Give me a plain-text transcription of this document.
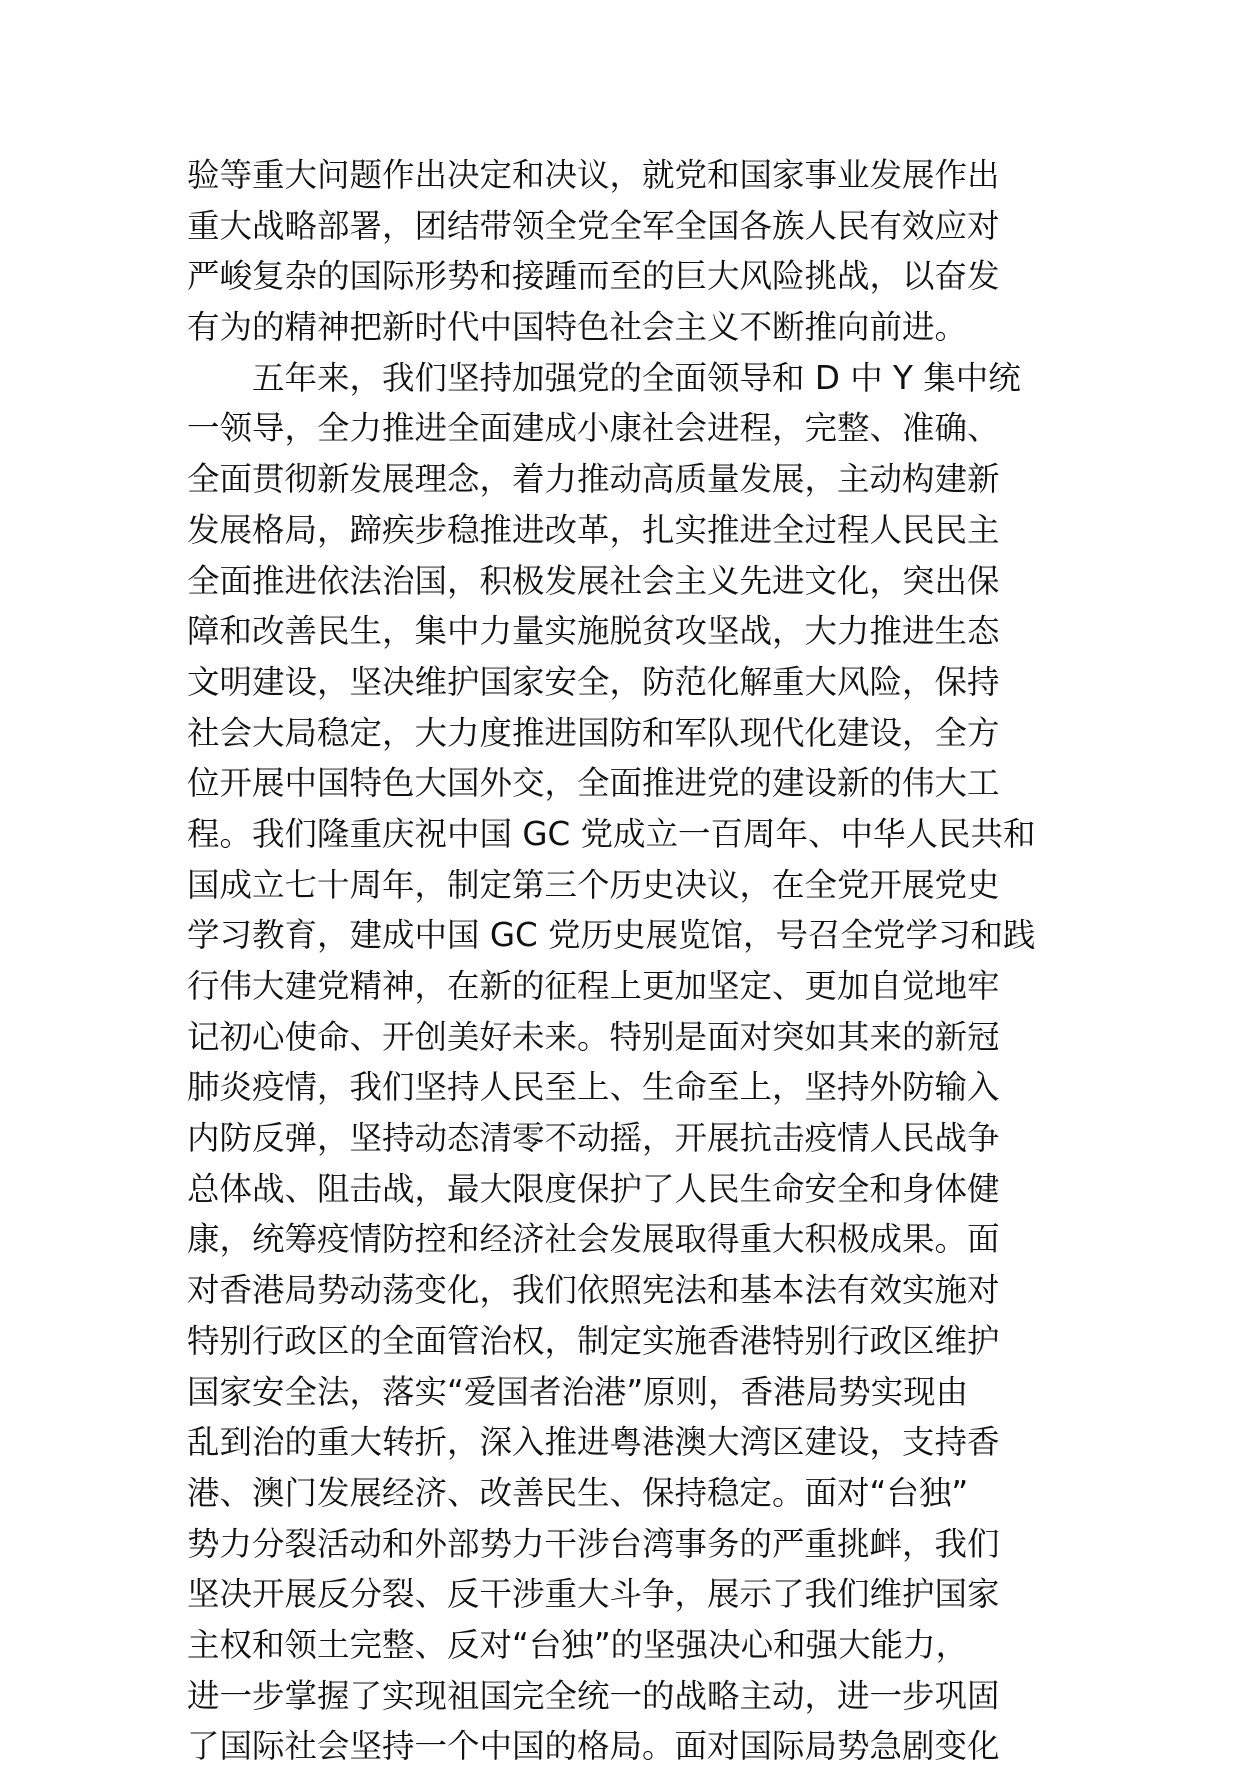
验等重大问题作出决定和决议，就党和国家事业发展作出
重大战略部署，团结带领全党全军全国各族人民有效应对
严峻复杂的国际形势和接踵而至的巨大风险挑战，以奋发
有为的精神把新时代中国特色社会主义不断推向前进。
五年来，我们坚持加强党的全面领导和 D 中 Y 集中统
一领导，全力推进全面建成小康社会进程，完整、准确、
全面贯彻新发展理念，着力推动高质量发展，主动构建新
发展格局，蹄疾步稳推进改革，扎实推进全过程人民民主
全面推进依法治国，积极发展社会主义先进文化，突出保
障和改善民生，集中力量实施脱贫攻坚战，大力推进生态
文明建设，坚决维护国家安全，防范化解重大风险，保持
社会大局稳定，大力度推进国防和军队现代化建设，全方
位开展中国特色大国外交，全面推进党的建设新的伟大工
程。我们隆重庆祝中国 GC 党成立一百周年、中华人民共和
国成立七十周年，制定第三个历史决议，在全党开展党史
学习教育，建成中国 GC 党历史展览馆，号召全党学习和践
行伟大建党精神，在新的征程上更加坚定、更加自觉地牢
记初心使命、开创美好未来。特别是面对突如其来的新冠
肺炎疫情，我们坚持人民至上、生命至上，坚持外防输入
内防反弹，坚持动态清零不动摇，开展抗击疫情人民战争
总体战、阻击战，最大限度保护了人民生命安全和身体健
康，统筹疫情防控和经济社会发展取得重大积极成果。面
对香港局势动荡变化，我们依照宪法和基本法有效实施对
特别行政区的全面管治权，制定实施香港特别行政区维护
国家安全法，落实“爱国者治港”原则，香港局势实现由
乱到治的重大转折，深入推进粤港澳大湾区建设，支持香
港、澳门发展经济、改善民生、保持稳定。面对“台独”
势力分裂活动和外部势力干涉台湾事务的严重挑衅，我们
坚决开展反分裂、反干涉重大斗争，展示了我们维护国家
主权和领土完整、反对“台独”的坚强决心和强大能力，
进一步掌握了实现祖国完全统一的战略主动，进一步巩固
了国际社会坚持一个中国的格局。面对国际局势急剧变化
